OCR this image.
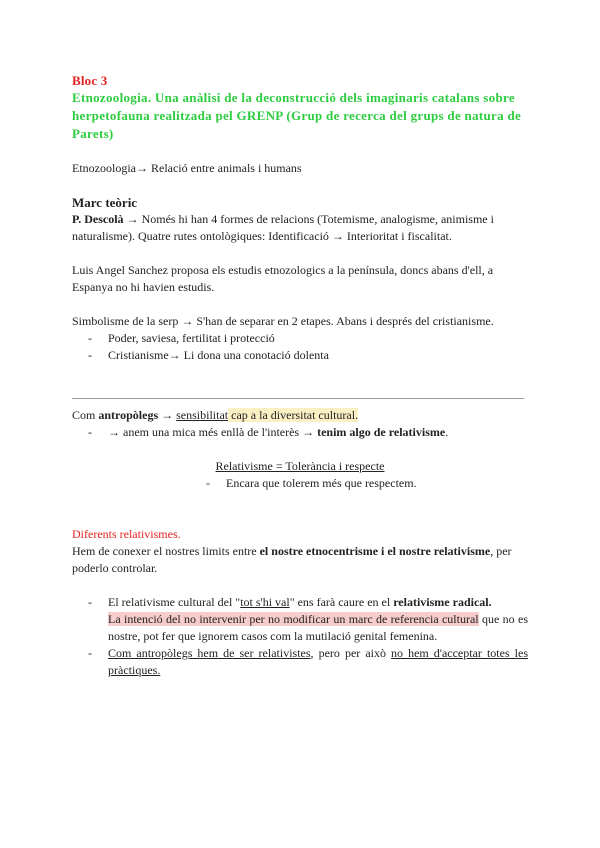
Bloc 3
Etnozoologia. Una anàlisi de la deconstrucció dels imaginaris catalans sobre herpetofauna realitzada pel GRENP (Grup de recerca del grups de natura de Parets)

Etnozoologia→ Relació entre animals i humans

Marc teòric

P. Descolà → Només hi han 4 formes de relacions (Totemisme, analogisme, animisme i naturalisme). Quatre rutes ontològiques: Identificació → Interioritat i fiscalitat.

Luis Angel Sanchez proposa els estudis etnozologics a la península, doncs abans d'ell, a Espanya no hi havien estudis.

Simbolisme de la serp → S'han de separar en 2 etapes. Abans i després del cristianisme.

- Poder, saviesa, fertilitat i protecció
- Cristianisme→ Li dona una conotació dolenta

Com antropòlegs → sensibilitat cap a la diversitat cultural.

- → anem una mica més enllà de l'interès → tenim algo de relativisme.
Relativisme = Tolerància i respecte
- Encara que tolerem més que respectem.
Diferents relativismes.

Hem de conexer el nostres limits entre el nostre etnocentrisme i el nostre relativisme, per poderlo controlar.

- El relativisme cultural del "tot s'hi val" ens farà caure en el relativisme radical.
La intenció del no intervenir per no modificar un marc de referencia cultural que no es nostre, pot fer que ignorem casos com la mutilació genital femenina.
- Com antropòlegs hem de ser relativistes, pero per això no hem d'acceptar totes les pràctiques.
